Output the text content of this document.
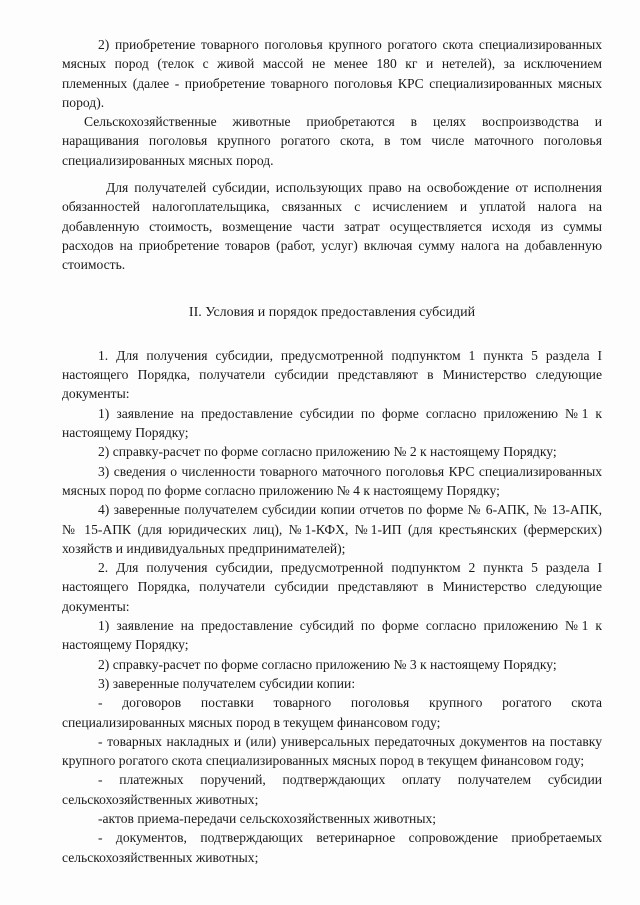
2) приобретение товарного поголовья крупного рогатого скота специализированных мясных пород (телок с живой массой не менее 180 кг и нетелей), за исключением племенных (далее - приобретение товарного поголовья КРС специализированных мясных пород).

Сельскохозяйственные животные приобретаются в целях воспроизводства и наращивания поголовья крупного рогатого скота, в том числе маточного поголовья специализированных мясных пород.

Для получателей субсидии, использующих право на освобождение от исполнения обязанностей налогоплательщика, связанных с исчислением и уплатой налога на добавленную стоимость, возмещение части затрат осуществляется исходя из суммы расходов на приобретение товаров (работ, услуг) включая сумму налога на добавленную стоимость.

II. Условия и порядок предоставления субсидий

1. Для получения субсидии, предусмотренной подпунктом 1 пункта 5 раздела I настоящего Порядка, получатели субсидии представляют в Министерство следующие документы:

1) заявление на предоставление субсидии по форме согласно приложению №1 к настоящему Порядку;

2) справку-расчет по форме согласно приложению № 2 к настоящему Порядку;

3) сведения о численности товарного маточного поголовья КРС специализированных мясных пород по форме согласно приложению № 4 к настоящему Порядку;

4) заверенные получателем субсидии копии отчетов по форме № 6-АПК, № 13-АПК, № 15-АПК (для юридических лиц), №1-КФХ, №1-ИП (для крестьянских (фермерских) хозяйств и индивидуальных предпринимателей);

2. Для получения субсидии, предусмотренной подпунктом 2 пункта 5 раздела I настоящего Порядка, получатели субсидии представляют в Министерство следующие документы:

1) заявление на предоставление субсидий по форме согласно приложению №1 к настоящему Порядку;

2) справку-расчет по форме согласно приложению № 3 к настоящему Порядку;

3) заверенные получателем субсидии копии:

- договоров поставки товарного поголовья крупного рогатого скота специализированных мясных пород в текущем финансовом году;

- товарных накладных и (или) универсальных передаточных документов на поставку крупного рогатого скота специализированных мясных пород в текущем финансовом году;

- платежных поручений, подтверждающих оплату получателем субсидии сельскохозяйственных животных;

-актов приема-передачи сельскохозяйственных животных;

- документов, подтверждающих ветеринарное сопровождение приобретаемых сельскохозяйственных животных;
